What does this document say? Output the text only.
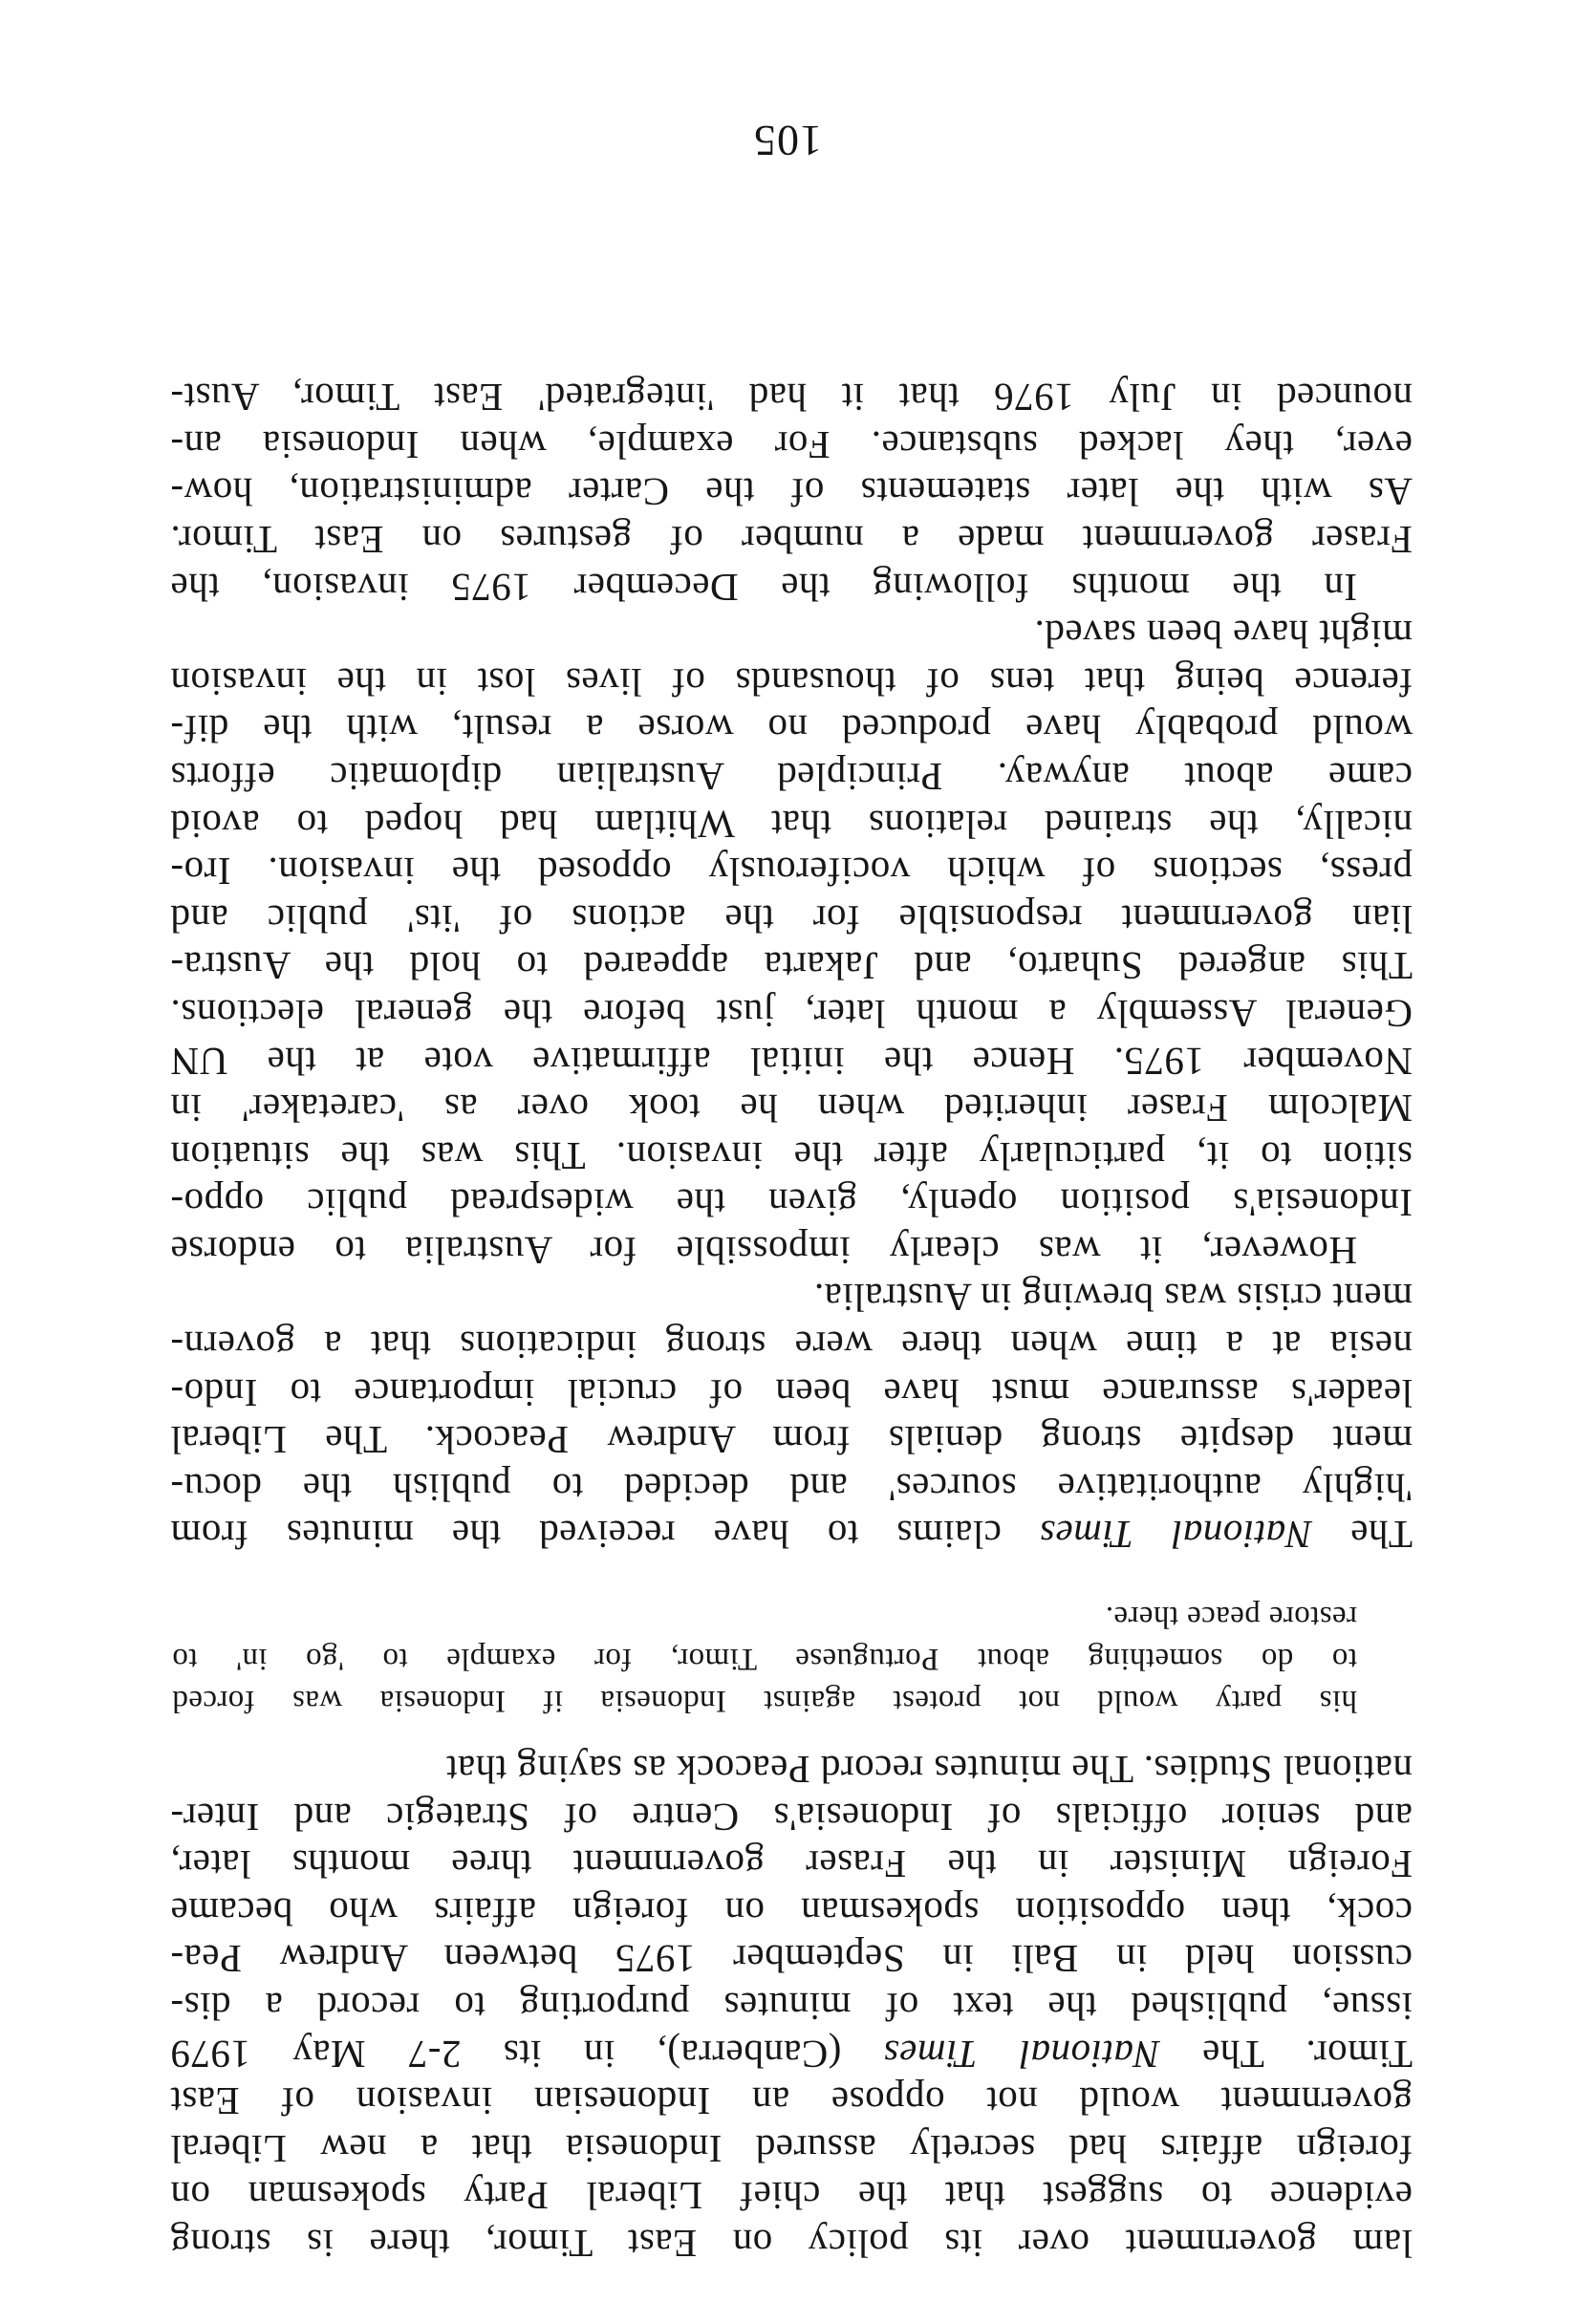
lam government over its policy on East Timor, there is strong
evidence to suggest that the chief Liberal Party spokesman on
foreign affairs had secretly assured Indonesia that a new Liberal
government would not oppose an Indonesian invasion of East
Timor. The National Times (Canberra), in its 2-7 May 1979
issue, published the text of minutes purporting to record a dis-
cussion held in Bali in September 1975 between Andrew Pea-
cock, then opposition spokesman on foreign affairs who became
Foreign Minister in the Fraser government three months later,
and senior officials of Indonesia's Centre of Strategic and Inter-
national Studies. The minutes record Peacock as saying that
his party would not protest against Indonesia if Indonesia was forced
to do something about Portuguese Timor, for example to 'go in' to
restore peace there.
The National Times claims to have received the minutes from
'highly authoritative sources' and decided to publish the docu-
ment despite strong denials from Andrew Peacock. The Liberal
leader's assurance must have been of crucial importance to Indo-
nesia at a time when there were strong indications that a govern-
ment crisis was brewing in Australia.
However, it was clearly impossible for Australia to endorse
Indonesia's position openly, given the widespread public oppo-
sition to it, particularly after the invasion. This was the situation
Malcolm Fraser inherited when he took over as 'caretaker' in
November 1975. Hence the initial affirmative vote at the UN
General Assembly a month later, just before the general elections.
This angered Suharto, and Jakarta appeared to hold the Austra-
lian government responsible for the actions of 'its' public and
press, sections of which vociferously opposed the invasion. Iro-
nically, the strained relations that Whitlam had hoped to avoid
came about anyway. Principled Australian diplomatic efforts
would probably have produced no worse a result, with the dif-
ference being that tens of thousands of lives lost in the invasion
might have been saved.
In the months following the December 1975 invasion, the
Fraser government made a number of gestures on East Timor.
As with the later statements of the Carter administration, how-
ever, they lacked substance. For example, when Indonesia an-
nounced in July 1976 that it had 'integrated' East Timor, Aust-
105
